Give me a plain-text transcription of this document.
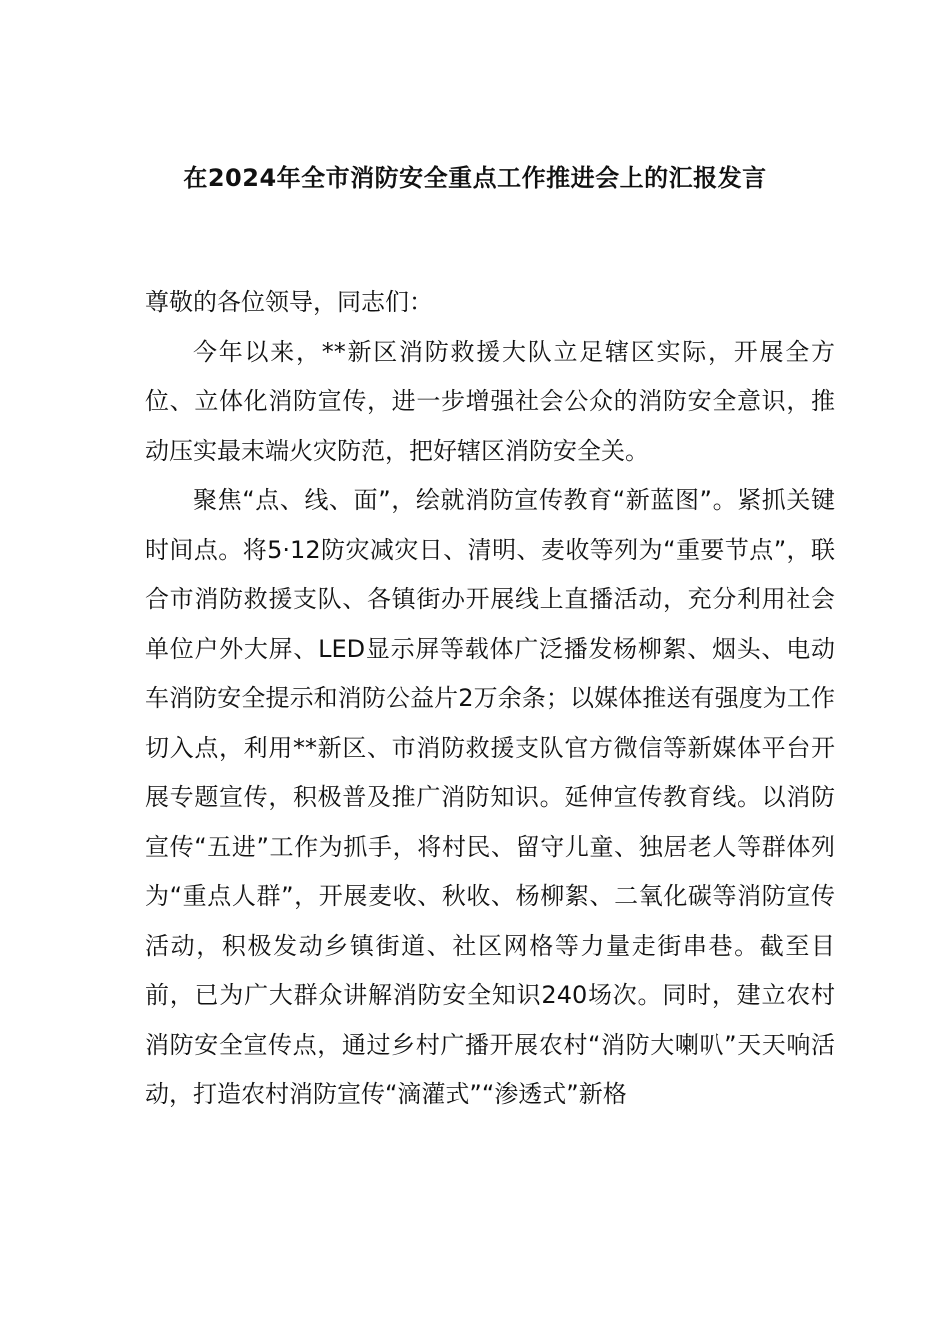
在2024年全市消防安全重点工作推进会上的汇报发言

尊敬的各位领导，同志们：

今年以来，**新区消防救援大队立足辖区实际，开展全方位、立体化消防宣传，进一步增强社会公众的消防安全意识，推动压实最末端火灾防范，把好辖区消防安全关。

聚焦“点、线、面”，绘就消防宣传教育“新蓝图”。紧抓关键时间点。将5·12防灾减灾日、清明、麦收等列为“重要节点”，联合市消防救援支队、各镇街办开展线上直播活动，充分利用社会单位户外大屏、LED显示屏等载体广泛播发杨柳絮、烟头、电动车消防安全提示和消防公益片2万余条；以媒体推送有强度为工作切入点，利用**新区、市消防救援支队官方微信等新媒体平台开展专题宣传，积极普及推广消防知识。延伸宣传教育线。以消防宣传“五进”工作为抓手，将村民、留守儿童、独居老人等群体列为“重点人群”，开展麦收、秋收、杨柳絮、二氧化碳等消防宣传活动，积极发动乡镇街道、社区网格等力量走街串巷。截至目前，已为广大群众讲解消防安全知识240场次。同时，建立农村消防安全宣传点，通过乡村广播开展农村“消防大喇叭”天天响活动，打造农村消防宣传“滴灌式”“渗透式”新格
